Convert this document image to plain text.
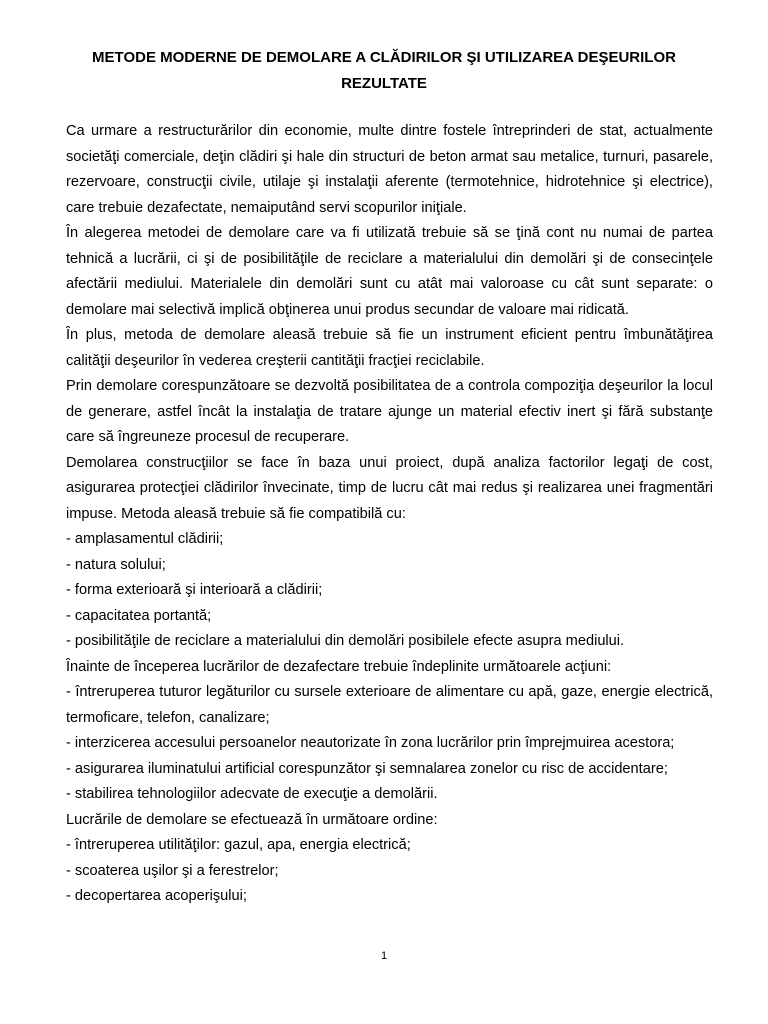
METODE MODERNE DE DEMOLARE A CLĂDIRILOR ŞI UTILIZAREA DEŞEURILOR REZULTATE

Ca urmare a restructurărilor din economie, multe dintre fostele întreprinderi de stat, actualmente societăţi comerciale, deţin clădiri şi hale din structuri de beton armat sau metalice, turnuri, pasarele, rezervoare, construcţii civile, utilaje şi instalaţii aferente (termotehnice, hidrotehnice şi electrice), care trebuie dezafectate, nemaiputând servi scopurilor iniţiale.

În alegerea metodei de demolare care va fi utilizată trebuie să se ţină cont nu numai de partea tehnică a lucrării, ci şi de posibilităţile de reciclare a materialului din demolări şi de consecinţele afectării mediului. Materialele din demolări sunt cu atât mai valoroase cu cât sunt separate: o demolare mai selectivă implică obţinerea unui produs secundar de valoare mai ridicată.

În plus, metoda de demolare aleasă trebuie să fie un instrument eficient pentru îmbunătăţirea calităţii deşeurilor în vederea creşterii cantităţii fracţiei reciclabile.

Prin demolare corespunzătoare se dezvoltă posibilitatea de a controla compoziţia deşeurilor la locul de generare, astfel încât la instalaţia de tratare ajunge un material efectiv inert şi fără substanţe care să îngreuneze procesul de recuperare.

Demolarea construcţiilor se face în baza unui proiect, după analiza factorilor legaţi de cost, asigurarea protecţiei clădirilor învecinate, timp de lucru cât mai redus şi realizarea unei fragmentări impuse. Metoda aleasă trebuie să fie compatibilă cu:

- amplasamentul clădirii;

- natura solului;

- forma exterioară şi interioară a clădirii;

- capacitatea portantă;

- posibilităţile de reciclare a materialului din demolări posibilele efecte asupra mediului.

Înainte de începerea lucrărilor de dezafectare trebuie îndeplinite următoarele acţiuni:

- întreruperea tuturor legăturilor cu sursele exterioare de alimentare cu apă, gaze, energie electrică, termoficare, telefon, canalizare;

- interzicerea accesului persoanelor neautorizate în zona lucrărilor prin împrejmuirea acestora;

- asigurarea iluminatului artificial corespunzător şi semnalarea zonelor cu risc de accidentare;

- stabilirea tehnologiilor adecvate de execuţie a demolării.

Lucrările de demolare se efectuează în următoare ordine:

- întreruperea utilităţilor: gazul, apa, energia electrică;

- scoaterea uşilor şi a ferestrelor;

- decopertarea acoperişului;

1
